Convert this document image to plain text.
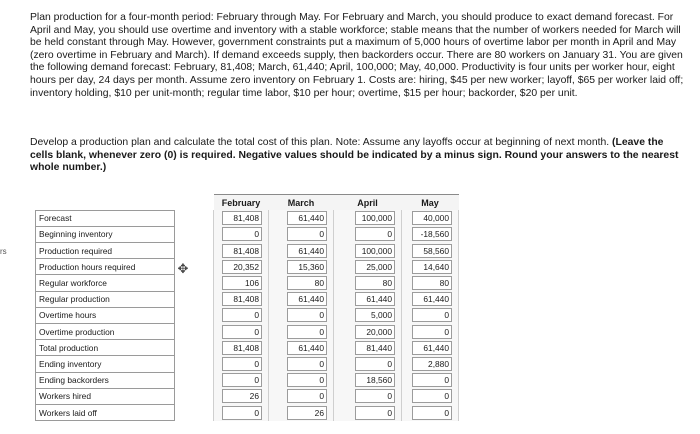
rs
Plan production for a four-month period: February through May. For February and March, you should produce to exact demand forecast. For April and May, you should use overtime and inventory with a stable workforce; stable means that the number of workers needed for March will be held constant through May. However, government constraints put a maximum of 5,000 hours of overtime labor per month in April and May (zero overtime in February and March). If demand exceeds supply, then backorders occur. There are 80 workers on January 31. You are given the following demand forecast: February, 81,408; March, 61,440; April, 100,000; May, 40,000. Productivity is four units per worker hour, eight hours per day, 24 days per month. Assume zero inventory on February 1. Costs are: hiring, $45 per new worker; layoff, $65 per worker laid off; inventory holding, $10 per unit-month; regular time labor, $10 per hour; overtime, $15 per hour; backorder, $20 per unit.
Develop a production plan and calculate the total cost of this plan. Note: Assume any layoffs occur at beginning of next month. (Leave the cells blank, whenever zero (0) is required. Negative values should be indicated by a minus sign. Round your answers to the nearest whole number.)
✥
		February	March	April	May
Forecast		81,408	61,440	100,000	40,000

Beginning inventory		0	0	0	-18,560

Production required		81,408	61,440	100,000	58,560

Production hours required		20,352	15,360	25,000	14,640

Regular workforce		106	80	80	80

Regular production		81,408	61,440	61,440	61,440

Overtime hours		0	0	5,000	0

Overtime production		0	0	20,000	0

Total production		81,408	61,440	81,440	61,440

Ending inventory		0	0	0	2,880

Ending backorders		0	0	18,560	0

Workers hired		26	0	0	0

Workers laid off		0	26	0	0
